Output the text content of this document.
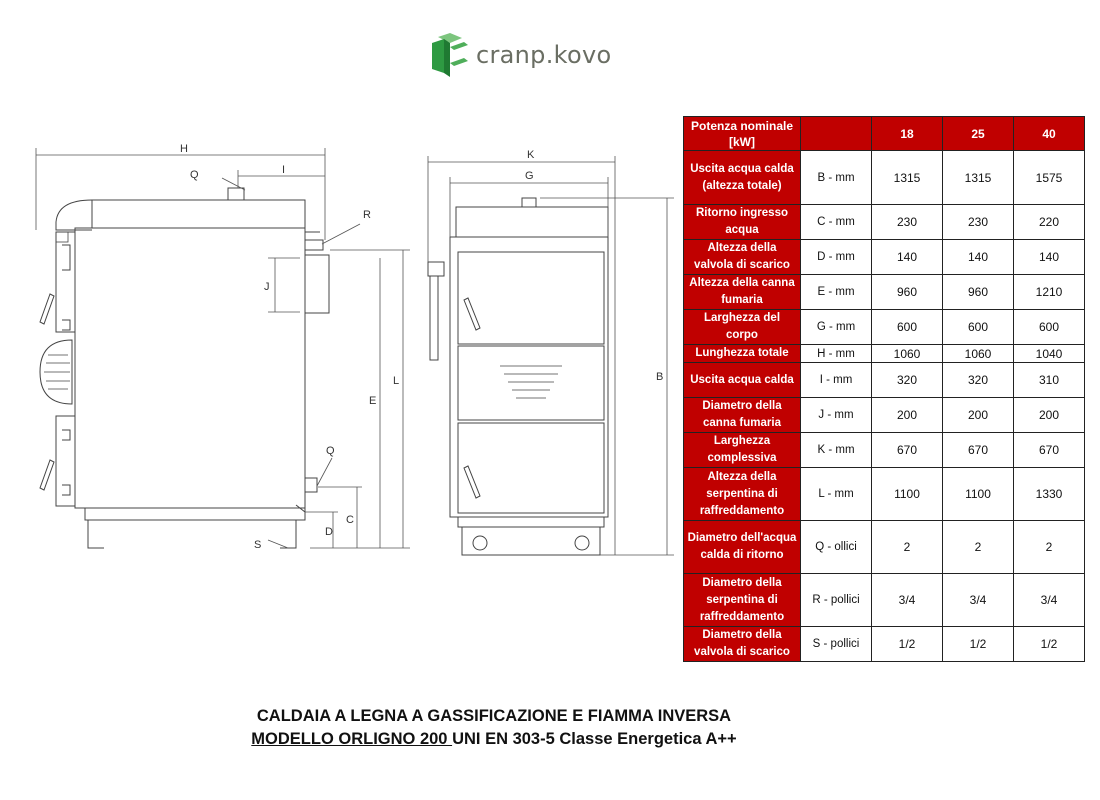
cranp.kovo
H
Q	I
R
J
E
L
Q
D
C
S
K
G
B
Potenza nominale [kW]		18	25	40	
Uscita acqua calda (altezza totale)	B - mm	1315	1315	1575	
Ritorno ingresso acqua	C - mm	230	230	220	
Altezza della valvola di scarico	D - mm	140	140	140	
Altezza della canna fumaria	E - mm	960	960	1210	
Larghezza del corpo	G - mm	600	600	600	
Lunghezza totale	H - mm	1060	1060	1040	
Uscita acqua calda	I - mm	320	320	310	
Diametro della canna fumaria	J - mm	200	200	200	
Larghezza complessiva	K - mm	670	670	670	
Altezza della serpentina di raffreddamento	L - mm	1100	1100	1330	
Diametro dell'acqua calda di ritorno	Q - ollici	2	2	2	
Diametro della serpentina di raffreddamento	R - pollici	3/4	3/4	3/4	
Diametro della valvola di scarico	S - pollici	1/2	1/2	1/2	
CALDAIA A LEGNA A GASSIFICAZIONE E FIAMMA INVERSA
MODELLO ORLIGNO 200 UNI EN 303-5 Classe Energetica A++
